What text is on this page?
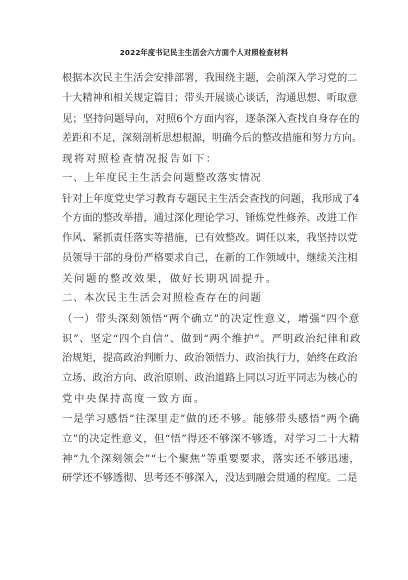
2022年度书记民主生活会六方面个人对照检查材料
根据本次民主生活会安排部署，我围绕主题，会前深入学习党的二
十大精神和相关规定篇目；带头开展谈心谈话，沟通思想、听取意
见；坚持问题导向，对照6个方面内容，逐条深入查找自身存在的
差距和不足，深刻剖析思想根源，明确今后的整改措施和努力方向。
现将对照检查情况报告如下：
一、上年度民主生活会问题整改落实情况
针对上年度党史学习教育专题民主生活会查找的问题，我形成了4
个方面的整改举措，通过深化理论学习、锤炼党性修养、改进工作
作风、紧抓责任落实等措施，已有效整改。调任以来，我坚持以党
员领导干部的身份严格要求自己，在新的工作领域中，继续关注相
关问题的整改效果，做好长期巩固提升。
二、本次民主生活会对照检查存在的问题
（一）带头深刻领悟“两个确立”的决定性意义，增强“四个意
识”、坚定“四个自信”、做到“两个维护”。严明政治纪律和政
治规矩，提高政治判断力、政治领悟力、政治执行力，始终在政治
立场、政治方向、政治原则、政治道路上同以习近平同志为核心的
党中央保持高度一致方面。
一是学习感悟“往深里走”做的还不够。能够带头感悟“两个确
立”的决定性意义，但“悟”得还不够深不够透，对学习二十大精
神“九个深刻领会”“七个聚焦”等重要要求，落实还不够迅速，
研学还不够透彻、思考还不够深入，没达到融会贯通的程度。二是
